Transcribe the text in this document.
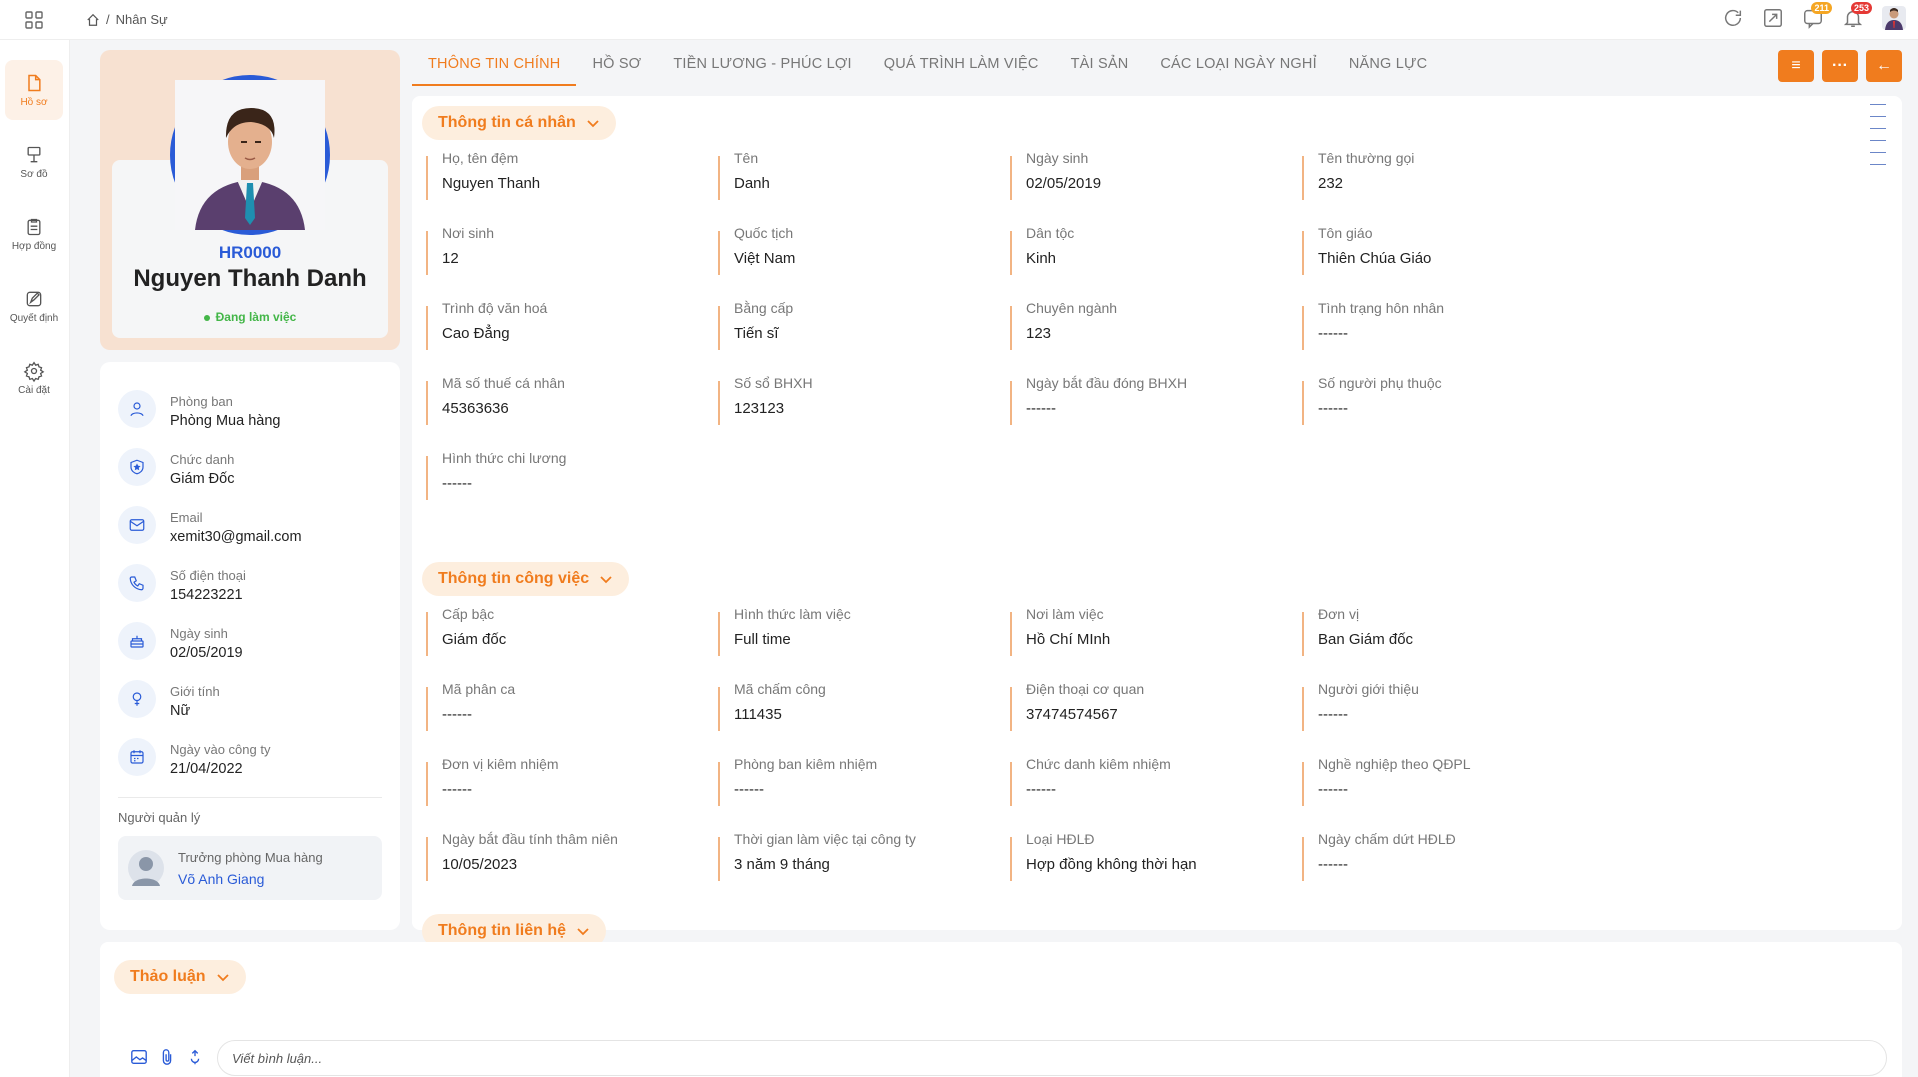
/ Nhân Sự
211	253
Hồ sơ
Sơ đồ
Hợp đồng
Quyết định
Cài đặt
HR0000
Nguyen Thanh Danh
Đang làm việc
Phòng ban
Phòng Mua hàng
Chức danh
Giám Đốc
Email
xemit30@gmail.com
Số điện thoại
154223221
Ngày sinh
02/05/2019
Giới tính
Nữ
Ngày vào công ty
21/04/2022
Người quản lý
Trưởng phòng Mua hàng
Võ Anh Giang
THÔNG TIN CHÍNH	HỒ SƠ	TIỀN LƯƠNG - PHÚC LỢI	QUÁ TRÌNH LÀM VIỆC	TÀI SẢN	CÁC LOẠI NGÀY NGHỈ	NĂNG LỰC	≡	···	←
Thông tin cá nhân
Họ, tên đệm
Nguyen Thanh
Tên
Danh
Ngày sinh
02/05/2019
Tên thường gọi
232
Nơi sinh
12
Quốc tịch
Việt Nam
Dân tộc
Kinh
Tôn giáo
Thiên Chúa Giáo
Trình độ văn hoá
Cao Đẳng
Bằng cấp
Tiến sĩ
Chuyên ngành
123
Tình trạng hôn nhân
------
Mã số thuế cá nhân
45363636
Số sổ BHXH
123123
Ngày bắt đầu đóng BHXH
------
Số người phụ thuộc
------
Hình thức chi lương
------
Thông tin công việc
Cấp bậc
Giám đốc
Hình thức làm việc
Full time
Nơi làm việc
Hồ Chí MInh
Đơn vị
Ban Giám đốc
Mã phân ca
------
Mã chấm công
111435
Điện thoại cơ quan
37474574567
Người giới thiệu
------
Đơn vị kiêm nhiệm
------
Phòng ban kiêm nhiệm
------
Chức danh kiêm nhiệm
------
Nghề nghiệp theo QĐPL
------
Ngày bắt đầu tính thâm niên
10/05/2023
Thời gian làm việc tại công ty
3 năm 9 tháng
Loại HĐLĐ
Hợp đồng không thời hạn
Ngày chấm dứt HĐLĐ
------
Thông tin liên hệ
Thảo luận
Viết bình luận...
